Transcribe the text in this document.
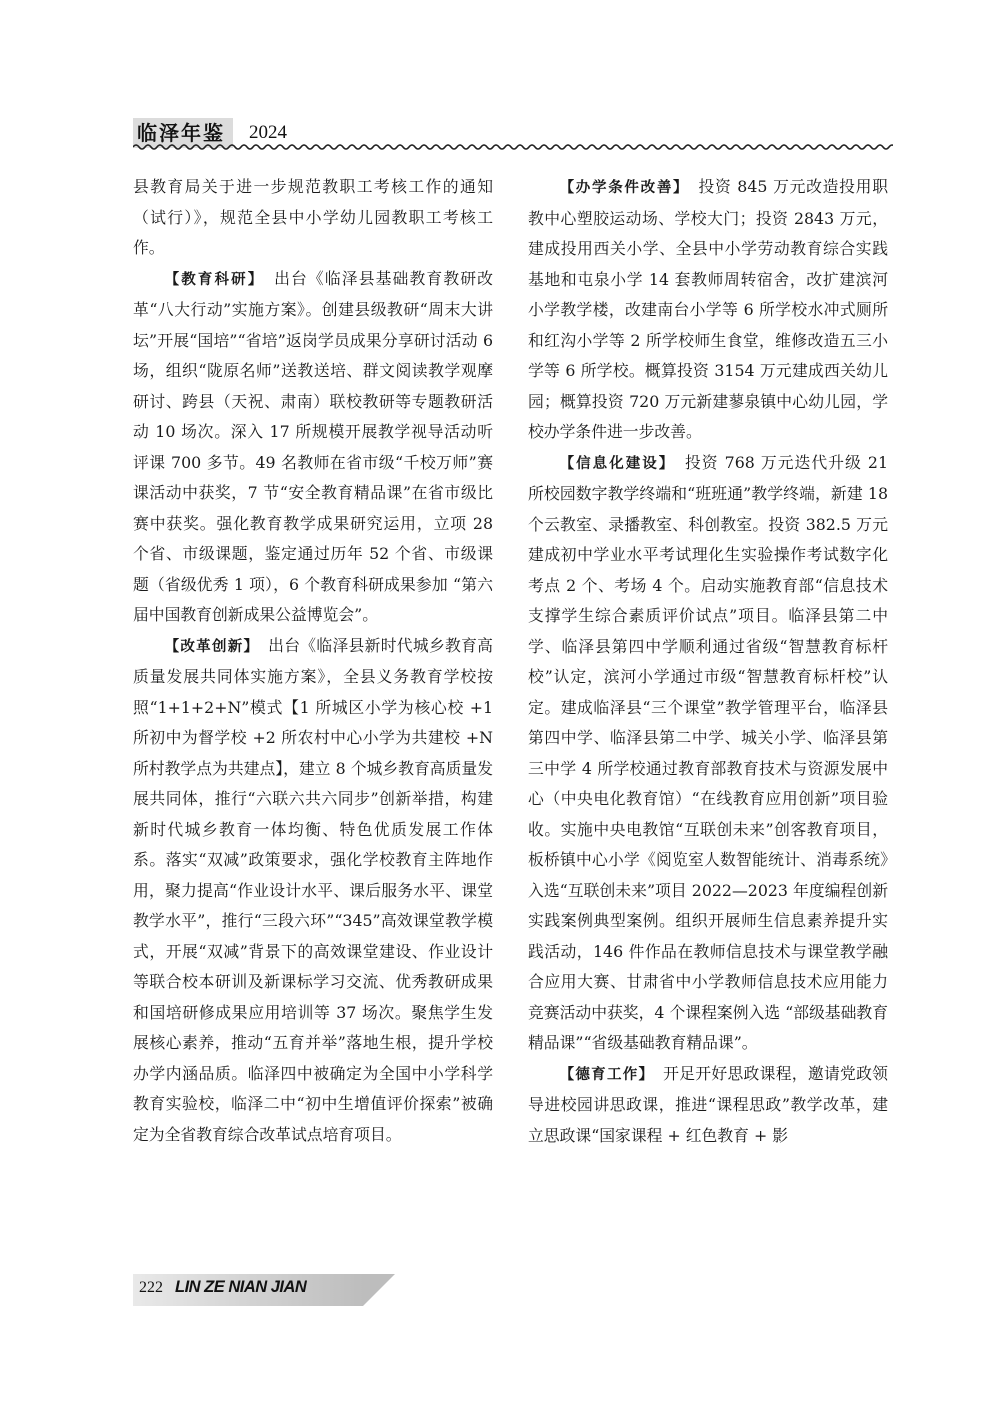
临泽年鉴	2024

县教育局关于进一步规范教职工考核工作的通知（试行）》，规范全县中小学幼儿园教职工考核工作。

【教育科研】　 出台《临泽县基础教育教研改革“八大行动”实施方案》。创建县级教研“周末大讲坛”开展“国培”“省培”返岗学员成果分享研讨活动 6 场，组织“陇原名师”送教送培、群文阅读教学观摩研讨、跨县（天祝、肃南）联校教研等专题教研活动 10 场次。深入 17 所规模开展教学视导活动听评课 700 多节。49 名教师在省市级“千校万师”赛课活动中获奖，7 节“安全教育精品课”在省市级比赛中获奖。强化教育教学成果研究运用，立项 28 个省、市级课题，鉴定通过历年 52 个省、市级课题（省级优秀 1 项），6 个教育科研成果参加 “第六届中国教育创新成果公益博览会”。

【改革创新】　 出台《临泽县新时代城乡教育高质量发展共同体实施方案》，全县义务教育学校按照“1+1+2+N”模式【1 所城区小学为核心校 +1 所初中为督学校 +2 所农村中心小学为共建校 +N 所村教学点为共建点】，建立 8 个城乡教育高质量发展共同体，推行“六联六共六同步”创新举措，构建新时代城乡教育一体均衡、特色优质发展工作体系。落实“双减”政策要求，强化学校教育主阵地作用，聚力提高“作业设计水平、课后服务水平、课堂教学水平”，推行“三段六环”“345”高效课堂教学模式，开展“双减”背景下的高效课堂建设、作业设计等联合校本研训及新课标学习交流、优秀教研成果和国培研修成果应用培训等 37 场次。聚焦学生发展核心素养，推动“五育并举”落地生根，提升学校办学内涵品质。临泽四中被确定为全国中小学科学教育实验校，临泽二中“初中生增值评价探索”被确定为全省教育综合改革试点培育项目。

【办学条件改善】　 投资 845 万元改造投用职教中心塑胶运动场、学校大门；投资 2843 万元，建成投用西关小学、全县中小学劳动教育综合实践基地和屯泉小学 14 套教师周转宿舍，改扩建滨河小学教学楼，改建南台小学等 6 所学校水冲式厕所和红沟小学等 2 所学校师生食堂，维修改造五三小学等 6 所学校。概算投资 3154 万元建成西关幼儿园；概算投资 720 万元新建蓼泉镇中心幼儿园，学校办学条件进一步改善。

【信息化建设】　 投资 768 万元迭代升级 21 所校园数字教学终端和“班班通”教学终端，新建 18 个云教室、录播教室、科创教室。投资 382.5 万元建成初中学业水平考试理化生实验操作考试数字化考点 2 个、考场 4 个。启动实施教育部“信息技术支撑学生综合素质评价试点”项目。临泽县第二中学、临泽县第四中学顺利通过省级“智慧教育标杆校”认定，滨河小学通过市级“智慧教育标杆校”认定。建成临泽县“三个课堂”教学管理平台，临泽县第四中学、临泽县第二中学、城关小学、临泽县第三中学 4 所学校通过教育部教育技术与资源发展中心（中央电化教育馆）“在线教育应用创新”项目验收。实施中央电教馆“互联创未来”创客教育项目，板桥镇中心小学《阅览室人数智能统计、消毒系统》入选“互联创未来”项目 2022—2023 年度编程创新实践案例典型案例。组织开展师生信息素养提升实践活动，146 件作品在教师信息技术与课堂教学融合应用大赛、甘肃省中小学教师信息技术应用能力竞赛活动中获奖，4 个课程案例入选 “部级基础教育精品课”“省级基础教育精品课”。

【德育工作】　 开足开好思政课程，邀请党政领导进校园讲思政课，推进“课程思政”教学改革，建立思政课“国家课程 + 红色教育 + 影

222 LIN ZE NIAN JIAN
